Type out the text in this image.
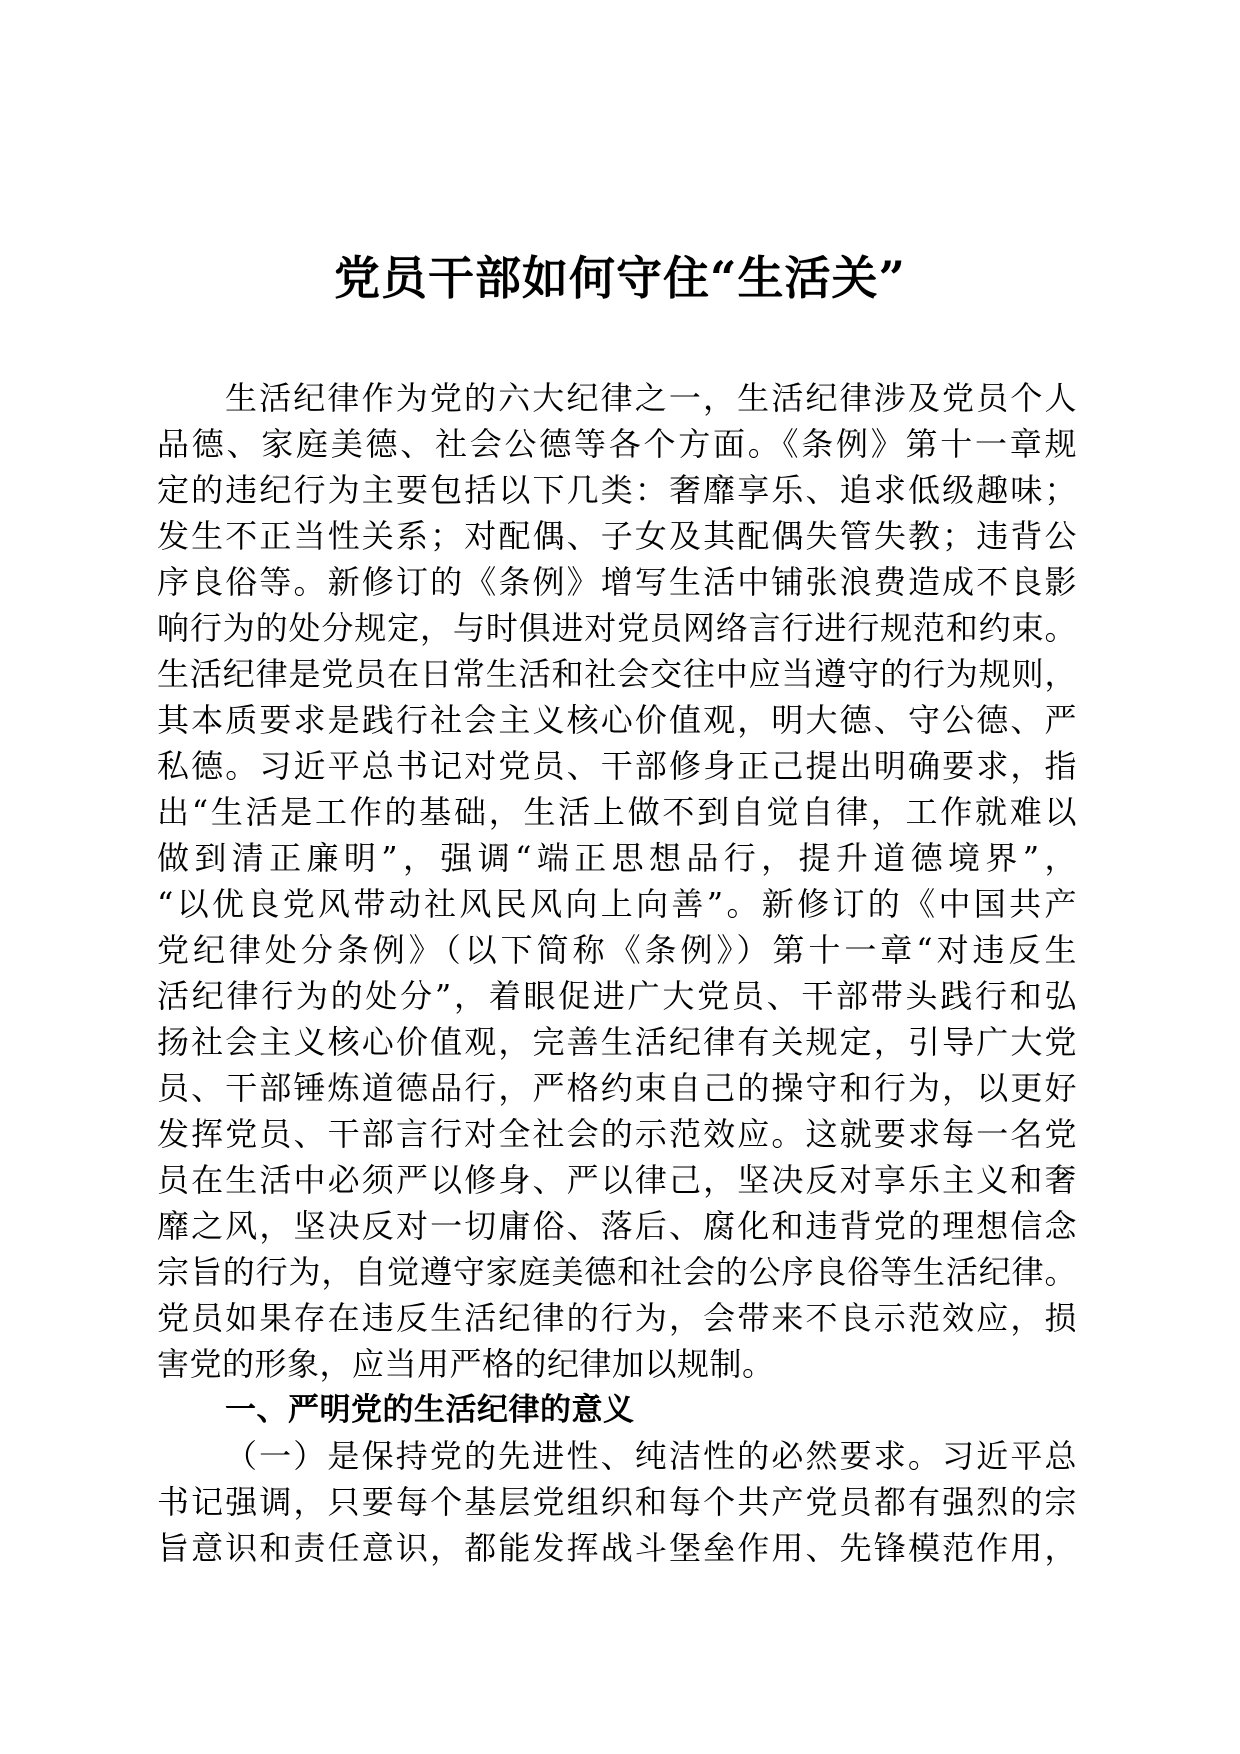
党员干部如何守住“生活关”
生活纪律作为党的六大纪律之一，生活纪律涉及党员个人
品德、家庭美德、社会公德等各个方面。《条例》第十一章规
定的违纪行为主要包括以下几类：奢靡享乐、追求低级趣味；
发生不正当性关系；对配偶、子女及其配偶失管失教；违背公
序良俗等。新修订的《条例》增写生活中铺张浪费造成不良影
响行为的处分规定，与时俱进对党员网络言行进行规范和约束。
生活纪律是党员在日常生活和社会交往中应当遵守的行为规则，
其本质要求是践行社会主义核心价值观，明大德、守公德、严
私德。习近平总书记对党员、干部修身正己提出明确要求，指
出“生活是工作的基础，生活上做不到自觉自律，工作就难以
做到清正廉明”，强调“端正思想品行，提升道德境界”，
“以优良党风带动社风民风向上向善”。新修订的《中国共产
党纪律处分条例》（以下简称《条例》）第十一章“对违反生
活纪律行为的处分”，着眼促进广大党员、干部带头践行和弘
扬社会主义核心价值观，完善生活纪律有关规定，引导广大党
员、干部锤炼道德品行，严格约束自己的操守和行为，以更好
发挥党员、干部言行对全社会的示范效应。这就要求每一名党
员在生活中必须严以修身、严以律己，坚决反对享乐主义和奢
靡之风，坚决反对一切庸俗、落后、腐化和违背党的理想信念
宗旨的行为，自觉遵守家庭美德和社会的公序良俗等生活纪律。
党员如果存在违反生活纪律的行为，会带来不良示范效应，损
害党的形象，应当用严格的纪律加以规制。
一、严明党的生活纪律的意义
（一）是保持党的先进性、纯洁性的必然要求。习近平总
书记强调，只要每个基层党组织和每个共产党员都有强烈的宗
旨意识和责任意识，都能发挥战斗堡垒作用、先锋模范作用，
